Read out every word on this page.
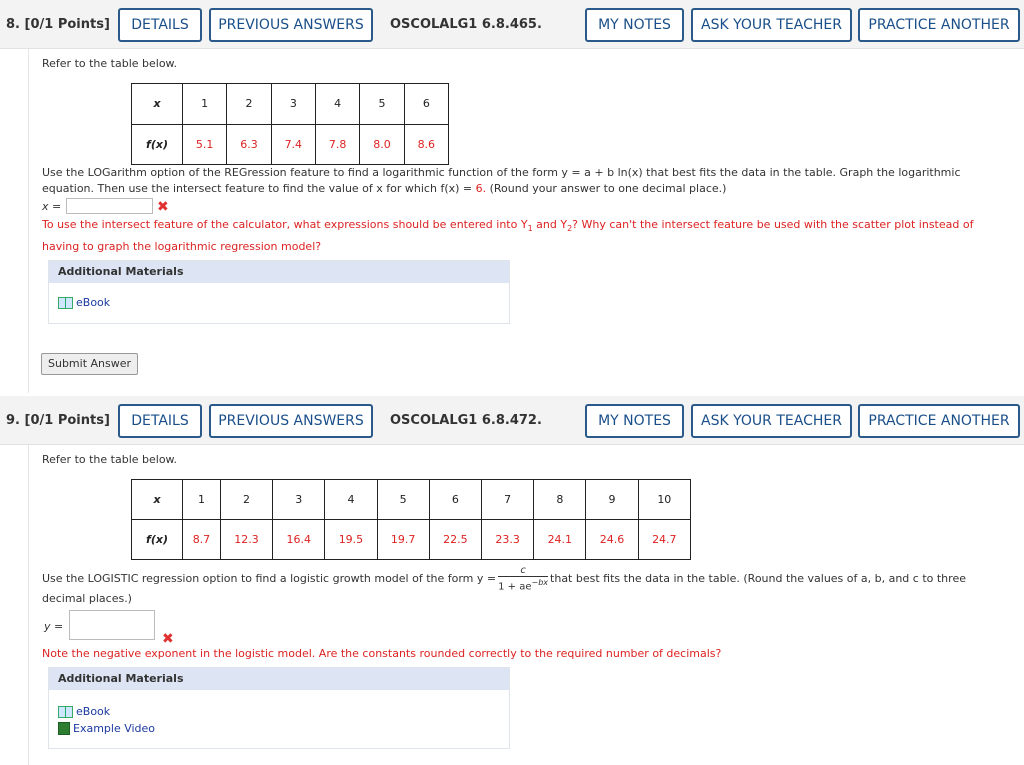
8. [0/1 Points]	DETAILS	PREVIOUS ANSWERS	OSCOLALG1 6.8.465.	MY NOTES	ASK YOUR TEACHER	PRACTICE ANOTHER
Refer to the table below.
x	1	2	3	4	5	6
f(x)	5.1	6.3	7.4	7.8	8.0	8.6
Use the LOGarithm option of the REGression feature to find a logarithmic function of the form y = a + b ln(x) that best fits the data in the table. Graph the logarithmic
equation. Then use the intersect feature to find the value of x for which f(x) = 6. (Round your answer to one decimal place.)
x =	✖
To use the intersect feature of the calculator, what expressions should be entered into $Y_1$ and $Y_2$? Why can't the intersect feature be used with the scatter plot instead of
having to graph the logarithmic regression model?
Additional Materials
eBook
Submit Answer
9. [0/1 Points]	DETAILS	PREVIOUS ANSWERS	OSCOLALG1 6.8.472.	MY NOTES	ASK YOUR TEACHER	PRACTICE ANOTHER
Refer to the table below.
x	1	2	3	4	5	6	7	8	9	10
f(x)	8.7	12.3	16.4	19.5	19.7	22.5	23.3	24.1	24.6	24.7
Use the LOGISTIC regression option to find a logistic growth model of the form $y = \frac{c}{1 + ae^{-bx}}$ that best fits the data in the table. (Round the values of a, b, and c to three
decimal places.)
y =
✖
Note the negative exponent in the logistic model. Are the constants rounded correctly to the required number of decimals?
Additional Materials
eBook
Example Video
